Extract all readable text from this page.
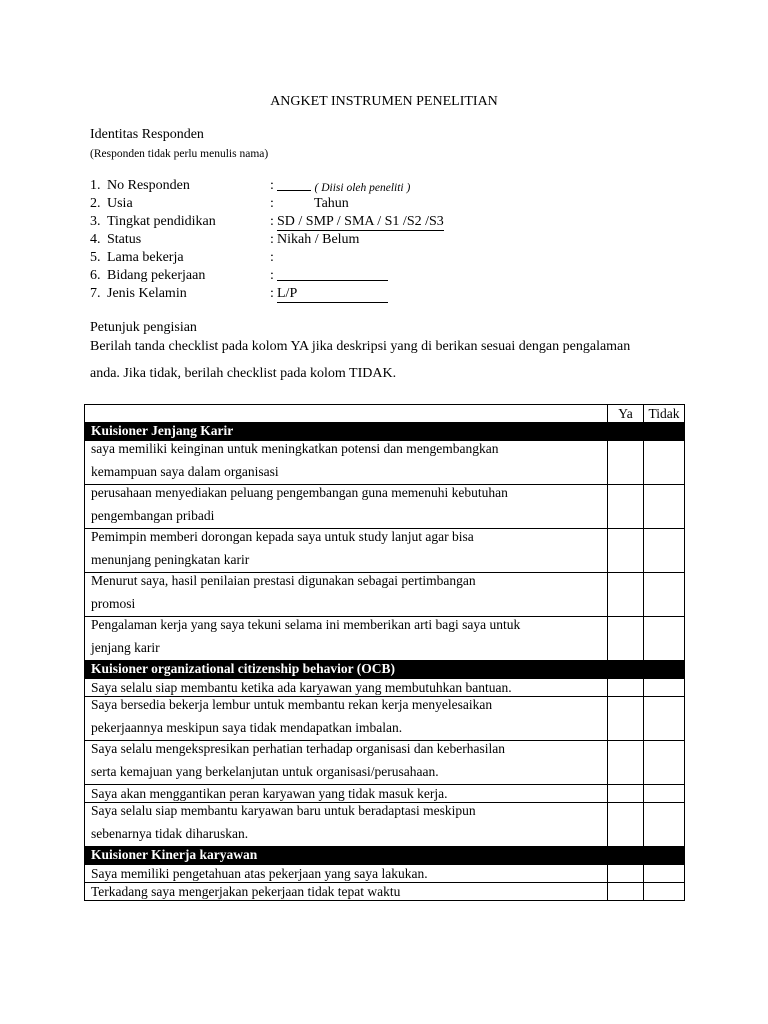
ANGKET INSTRUMEN PENELITIAN
Identitas Responden
(Responden tidak perlu menulis nama)
1. No Responden	:	( Diisi oleh peneliti )
2. Usia	:	Tahun
3. Tingkat pendidikan	: SD / SMP / SMA / S1 /S2 /S3
4. Status	: Nikah / Belum
5. Lama bekerja	:
6. Bidang pekerjaan	:
7. Jenis Kelamin	: L/P
Petunjuk pengisian
Berilah tanda checklist pada kolom YA jika deskripsi yang di berikan sesuai dengan pengalaman
anda. Jika tidak, berilah checklist pada kolom TIDAK.
	Ya	Tidak
Kuisioner Jenjang Karir		

saya memiliki keinginan untuk meningkatkan potensi dan mengembangkan
kemampuan saya dalam organisasi		

perusahaan menyediakan peluang pengembangan guna memenuhi kebutuhan
pengembangan pribadi		

Pemimpin memberi dorongan kepada saya untuk study lanjut agar bisa
menunjang peningkatan karir		

Menurut saya, hasil penilaian prestasi digunakan sebagai pertimbangan
promosi		

Pengalaman kerja yang saya tekuni selama ini memberikan arti bagi saya untuk
jenjang karir		

Kuisioner organizational citizenship behavior (OCB)		
Saya selalu siap membantu ketika ada karyawan yang membutuhkan bantuan.		

Saya bersedia bekerja lembur untuk membantu rekan kerja menyelesaikan
pekerjaannya meskipun saya tidak mendapatkan imbalan.		

Saya selalu mengekspresikan perhatian terhadap organisasi dan keberhasilan
serta kemajuan yang berkelanjutan untuk organisasi/perusahaan.		

Saya akan menggantikan peran karyawan yang tidak masuk kerja.		

Saya selalu siap membantu karyawan baru untuk beradaptasi meskipun
sebenarnya tidak diharuskan.		

Kuisioner Kinerja karyawan		
Saya memiliki pengetahuan atas pekerjaan yang saya lakukan.		
Terkadang saya mengerjakan pekerjaan tidak tepat waktu		
